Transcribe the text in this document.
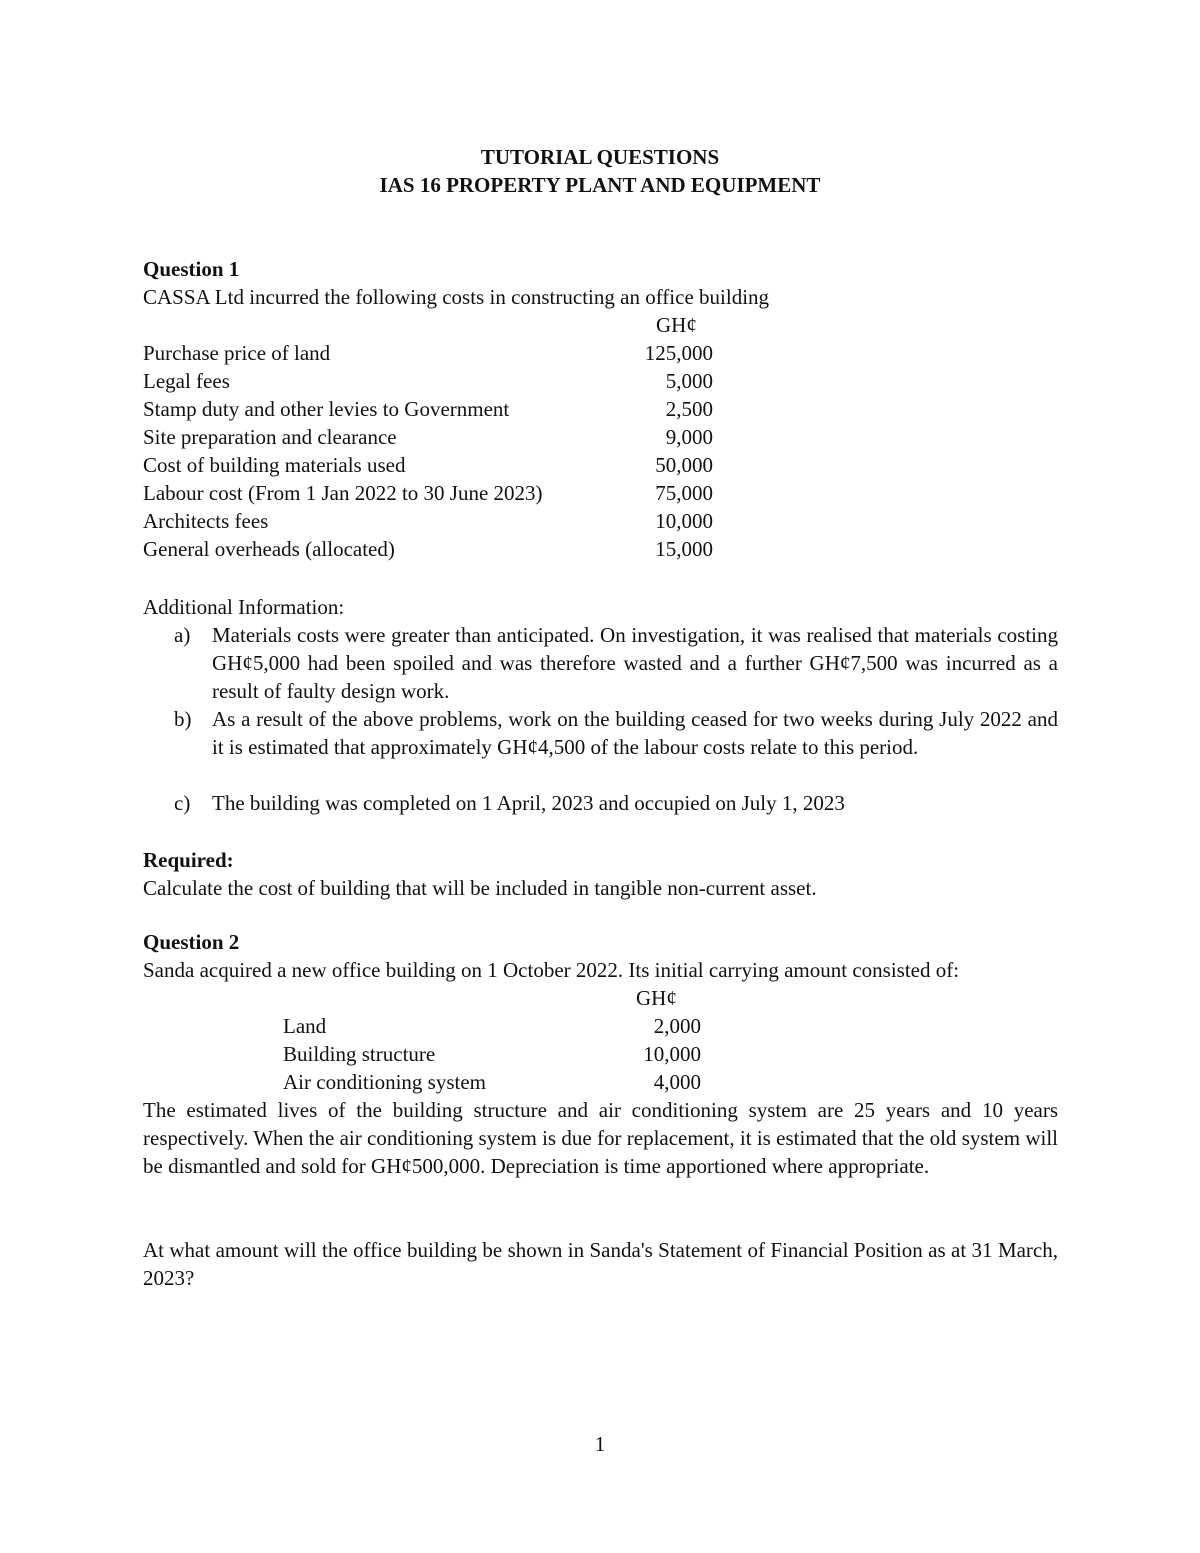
TUTORIAL QUESTIONS
IAS 16 PROPERTY PLANT AND EQUIPMENT
Question 1
CASSA Ltd incurred the following costs in constructing an office building
GH¢
Purchase price of land	125,000
Legal fees	5,000
Stamp duty and other levies to Government	2,500
Site preparation and clearance	9,000
Cost of building materials used	50,000
Labour cost (From 1 Jan 2022 to 30 June 2023)	75,000
Architects fees	10,000
General overheads (allocated)	15,000
Additional Information:
a) Materials costs were greater than anticipated. On investigation, it was realised that materials costing GH¢5,000 had been spoiled and was therefore wasted and a further GH¢7,500 was incurred as a result of faulty design work.
b) As a result of the above problems, work on the building ceased for two weeks during July 2022 and it is estimated that approximately GH¢4,500 of the labour costs relate to this period.
c) The building was completed on 1 April, 2023 and occupied on July 1, 2023
Required:
Calculate the cost of building that will be included in tangible non-current asset.
Question 2
Sanda acquired a new office building on 1 October 2022. Its initial carrying amount consisted of:
GH¢
Land	2,000
Building structure	10,000
Air conditioning system	4,000
The estimated lives of the building structure and air conditioning system are 25 years and 10 years respectively. When the air conditioning system is due for replacement, it is estimated that the old system will be dismantled and sold for GH¢500,000. Depreciation is time apportioned where appropriate.
At what amount will the office building be shown in Sanda's Statement of Financial Position as at 31 March, 2023?
1
